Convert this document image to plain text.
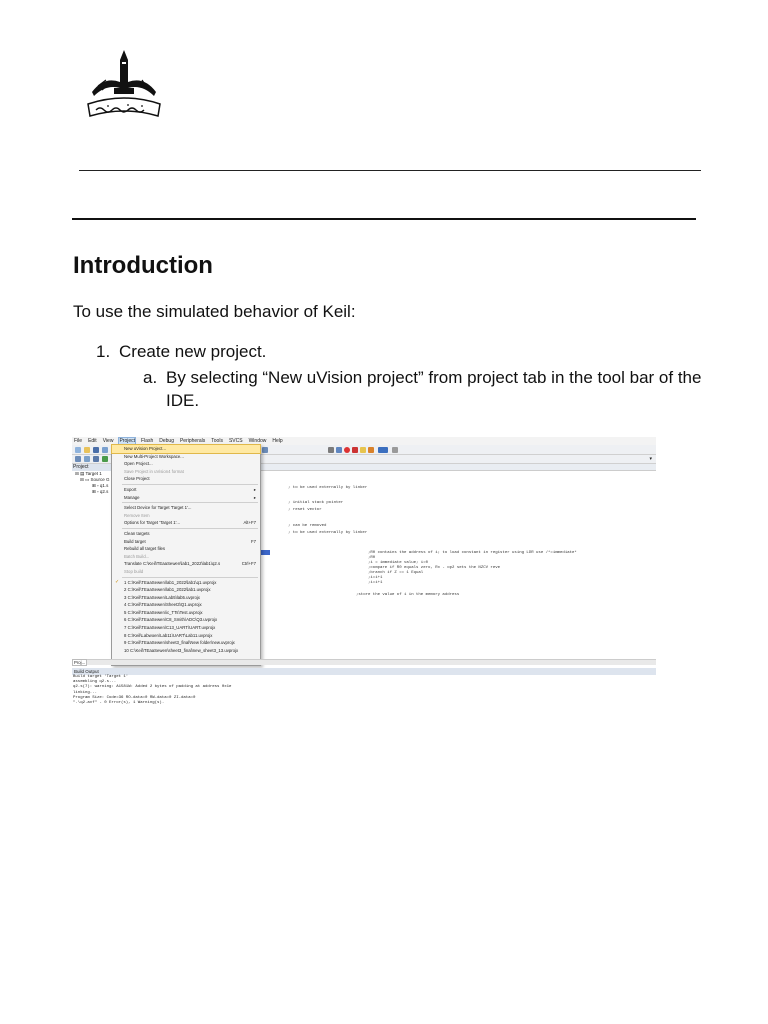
Introduction
To use the simulated behavior of Keil:
1. Create new project.
a. By selecting “New uVision project” from project tab in the tool bar of the IDE.
File Edit View Project Flash Debug Peripherals Tools SVCS Window Help
▾
Project
⊟ ▤ Target 1
⊟ ▭ Source G
⊞ ▫ q1.s
⊞ ▫ q2.s
; to be used externally by linker
; initial stack pointer
; reset vector
; can be removed
; to be used externally by linker
;R0 contains the address of i; to load constant in register using LDR use /*=immediate*
;R0
;i = immediate value; i=0
;compare if R0 equals zero, Rx - op2 sets the NZCV reve
;branch if Z == 1 Equal
;i=i+1
;i=i+1
;store the value of i in the memory address
New uVision Project...
New Multi-Project Workspace...
Open Project...
Save Project in uVision4 format
Close Project
Export	▸
Manage	▸
Select Device for Target 'Target 1'...
Remove Item
Options for Target 'Target 1'...	Alt+F7
Clean targets
Build target	F7
Rebuild all target files
Batch Build...
Translate C:\Keil\TEaaSewen\lab1_2022\lab1\q2.s	Ctrl+F7
Stop build
1 C:\Keil\TEaaSewen\lab1_2022\lab1\q1.uvprojx
✓
2 C:\Keil\TEaaSewen\lab1_2022\lab1.uvprojx
3 C:\Keil\TEaaSewen\Lab5\lab5.uvprojx
4 C:\Keil\TEaaSewen\Sheet3\Q1.uvprojx
5 C:\Keil\TEaaSewen\ic_TTs\Test.uvprojx
6 C:\Keil\TEaaSewen\C8_Smith\ADC\Q3.uvprojx
7 C:\Keil\TEaaSewen\C13_UART\UART.uvprojx
8 C:\Keil\Labwoen\Lab11\UART\Lab11.uvprojx
9 C:\Keil\TEaaSewen\sheet3_final\New folder\new.uvprojx
10 C:\Keil\TEaaSewen\sheet3_final\new_sheet3_13.uvprojx
Proj...
Build Output
Build target 'Target 1'
assembling q2.s...
q2.s(7): warning: A1581W: Added 2 bytes of padding at address 0x1e
linking...
Program Size: Code=36 RO-data=0 RW-data=0 ZI-data=0
".\q2.axf" - 0 Error(s), 1 Warning(s).
